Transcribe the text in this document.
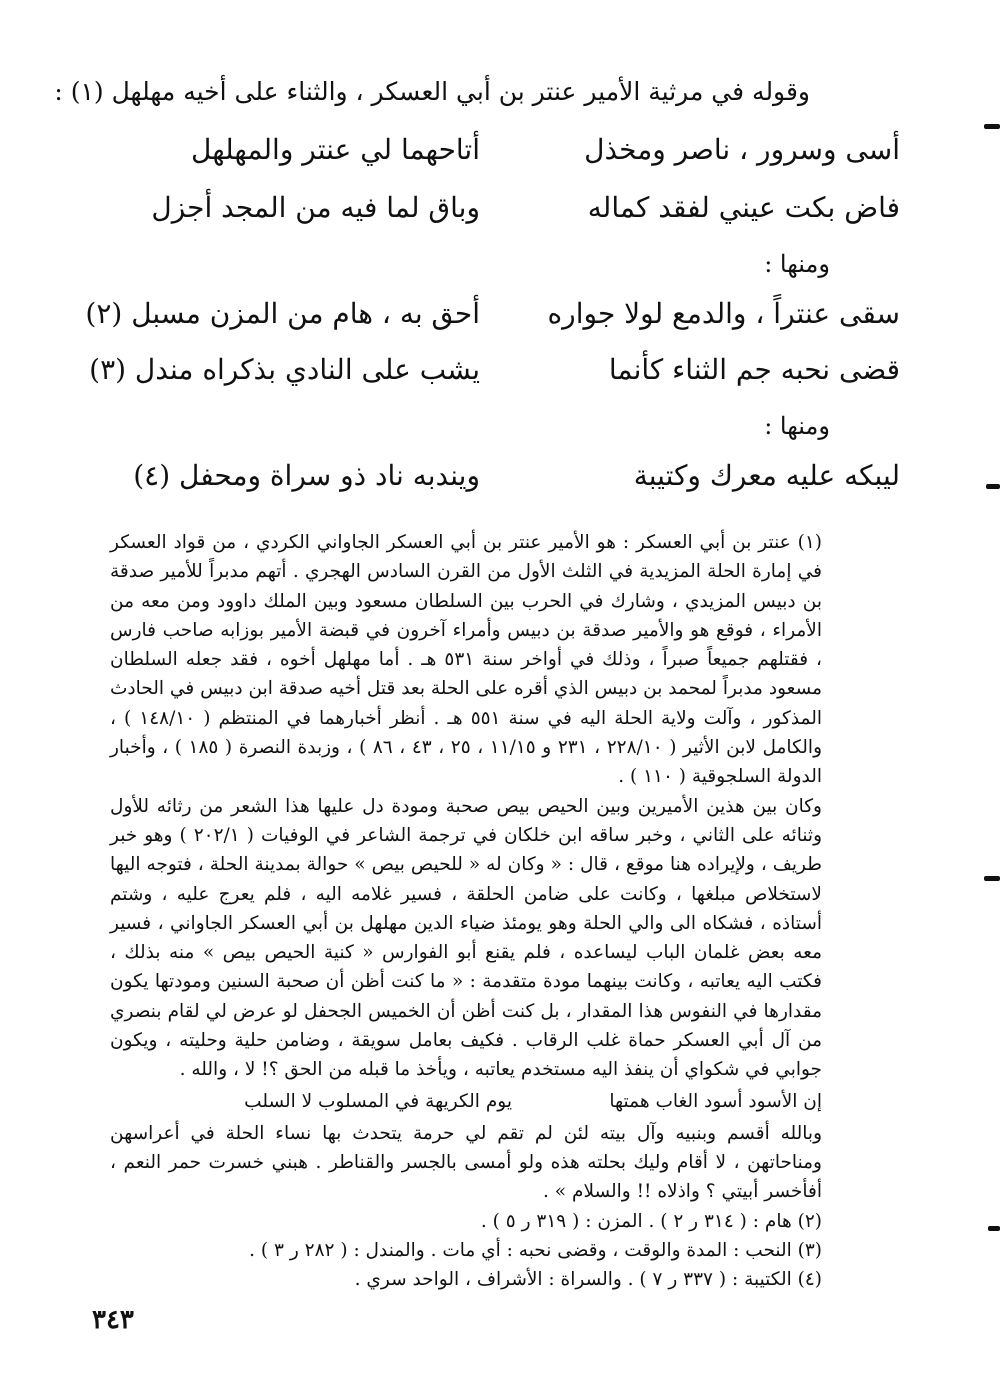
وقوله في مرثية الأمير عنتر بن أبي العسكر ، والثناء على أخيه مهلهل (١) :
أسى وسرور ، ناصر ومخذل
أتاحهما لي عنتر والمهلهل
فاض بكت عيني لفقد كماله
وباق لما فيه من المجد أجزل
ومنها :
سقى عنتراً ، والدمع لولا جواره
أحق به ، هام من المزن مسبل (٢)
قضى نحبه جم الثناء كأنما
يشب على النادي بذكراه مندل (٣)
ومنها :
ليبكه عليه معرك وكتيبة
ويندبه ناد ذو سراة ومحفل (٤)

(١) عنتر بن أبي العسكر : هو الأمير عنتر بن أبي العسكر الجاواني الكردي ، من قواد العسكر في إمارة الحلة المزيدية في الثلث الأول من القرن السادس الهجري . أتهم مدبراً للأمير صدقة بن دبيس المزيدي ، وشارك في الحرب بين السلطان مسعود وبين الملك داوود ومن معه من الأمراء ، فوقع هو والأمير صدقة بن دبيس وأمراء آخرون في قبضة الأمير بوزابه صاحب فارس ، فقتلهم جميعاً صبراً ، وذلك في أواخر سنة ٥٣١ هـ . أما مهلهل أخوه ، فقد جعله السلطان مسعود مدبراً لمحمد بن دبيس الذي أقره على الحلة بعد قتل أخيه صدقة ابن دبيس في الحادث المذكور ، وآلت ولاية الحلة اليه في سنة ٥٥١ هـ . أنظر أخبارهما في المنتظم ( ١٤٨/١٠ ) ، والكامل لابن الأثير ( ٢٢٨/١٠ ، ٢٣١ و ١١/١٥ ، ٢٥ ، ٤٣ ، ٨٦ ) ، وزبدة النصرة ( ١٨٥ ) ، وأخبار الدولة السلجوقية ( ١١٠ ) .

وكان بين هذين الأميرين وبين الحيص بيص صحبة ومودة دل عليها هذا الشعر من رثائه للأول وثنائه على الثاني ، وخبر ساقه ابن خلكان في ترجمة الشاعر في الوفيات ( ٢٠٢/١ ) وهو خبر طريف ، ولإيراده هنا موقع ، قال : « وكان له « للحيص بيص » حوالة بمدينة الحلة ، فتوجه اليها لاستخلاص مبلغها ، وكانت على ضامن الحلقة ، فسير غلامه اليه ، فلم يعرج عليه ، وشتم أستاذه ، فشكاه الى والي الحلة وهو يومئذ ضياء الدين مهلهل بن أبي العسكر الجاواني ، فسير معه بعض غلمان الباب ليساعده ، فلم يقنع أبو الفوارس « كنية الحيص بيص » منه بذلك ، فكتب اليه يعاتبه ، وكانت بينهما مودة متقدمة : « ما كنت أظن أن صحبة السنين ومودتها يكون مقدارها في النفوس هذا المقدار ، بل كنت أظن أن الخميس الجحفل لو عرض لي لقام بنصري من آل أبي العسكر حماة غلب الرقاب . فكيف بعامل سويقة ، وضامن حلية وحليته ، ويكون جوابي في شكواي أن ينفذ اليه مستخدم يعاتبه ، ويأخذ ما قبله من الحق ؟! لا ، والله .

إن الأسود أسود الغاب همتها
يوم الكريهة في المسلوب لا السلب

وبالله أقسم وبنبيه وآل بيته لئن لم تقم لي حرمة يتحدث بها نساء الحلة في أعراسهن ومناحاتهن ، لا أقام وليك بحلته هذه ولو أمسى بالجسر والقناطر . هبني خسرت حمر النعم ، أفأخسر أبيتي ؟ واذلاه !! والسلام » .

(٢) هام : ( ٣١٤ ر ٢ ) . المزن : ( ٣١٩ ر ٥ ) .

(٣) النحب : المدة والوقت ، وقضى نحبه : أي مات . والمندل : ( ٢٨٢ ر ٣ ) .

(٤) الكتيبة : ( ٣٣٧ ر ٧ ) . والسراة : الأشراف ، الواحد سري .

٣٤٣
